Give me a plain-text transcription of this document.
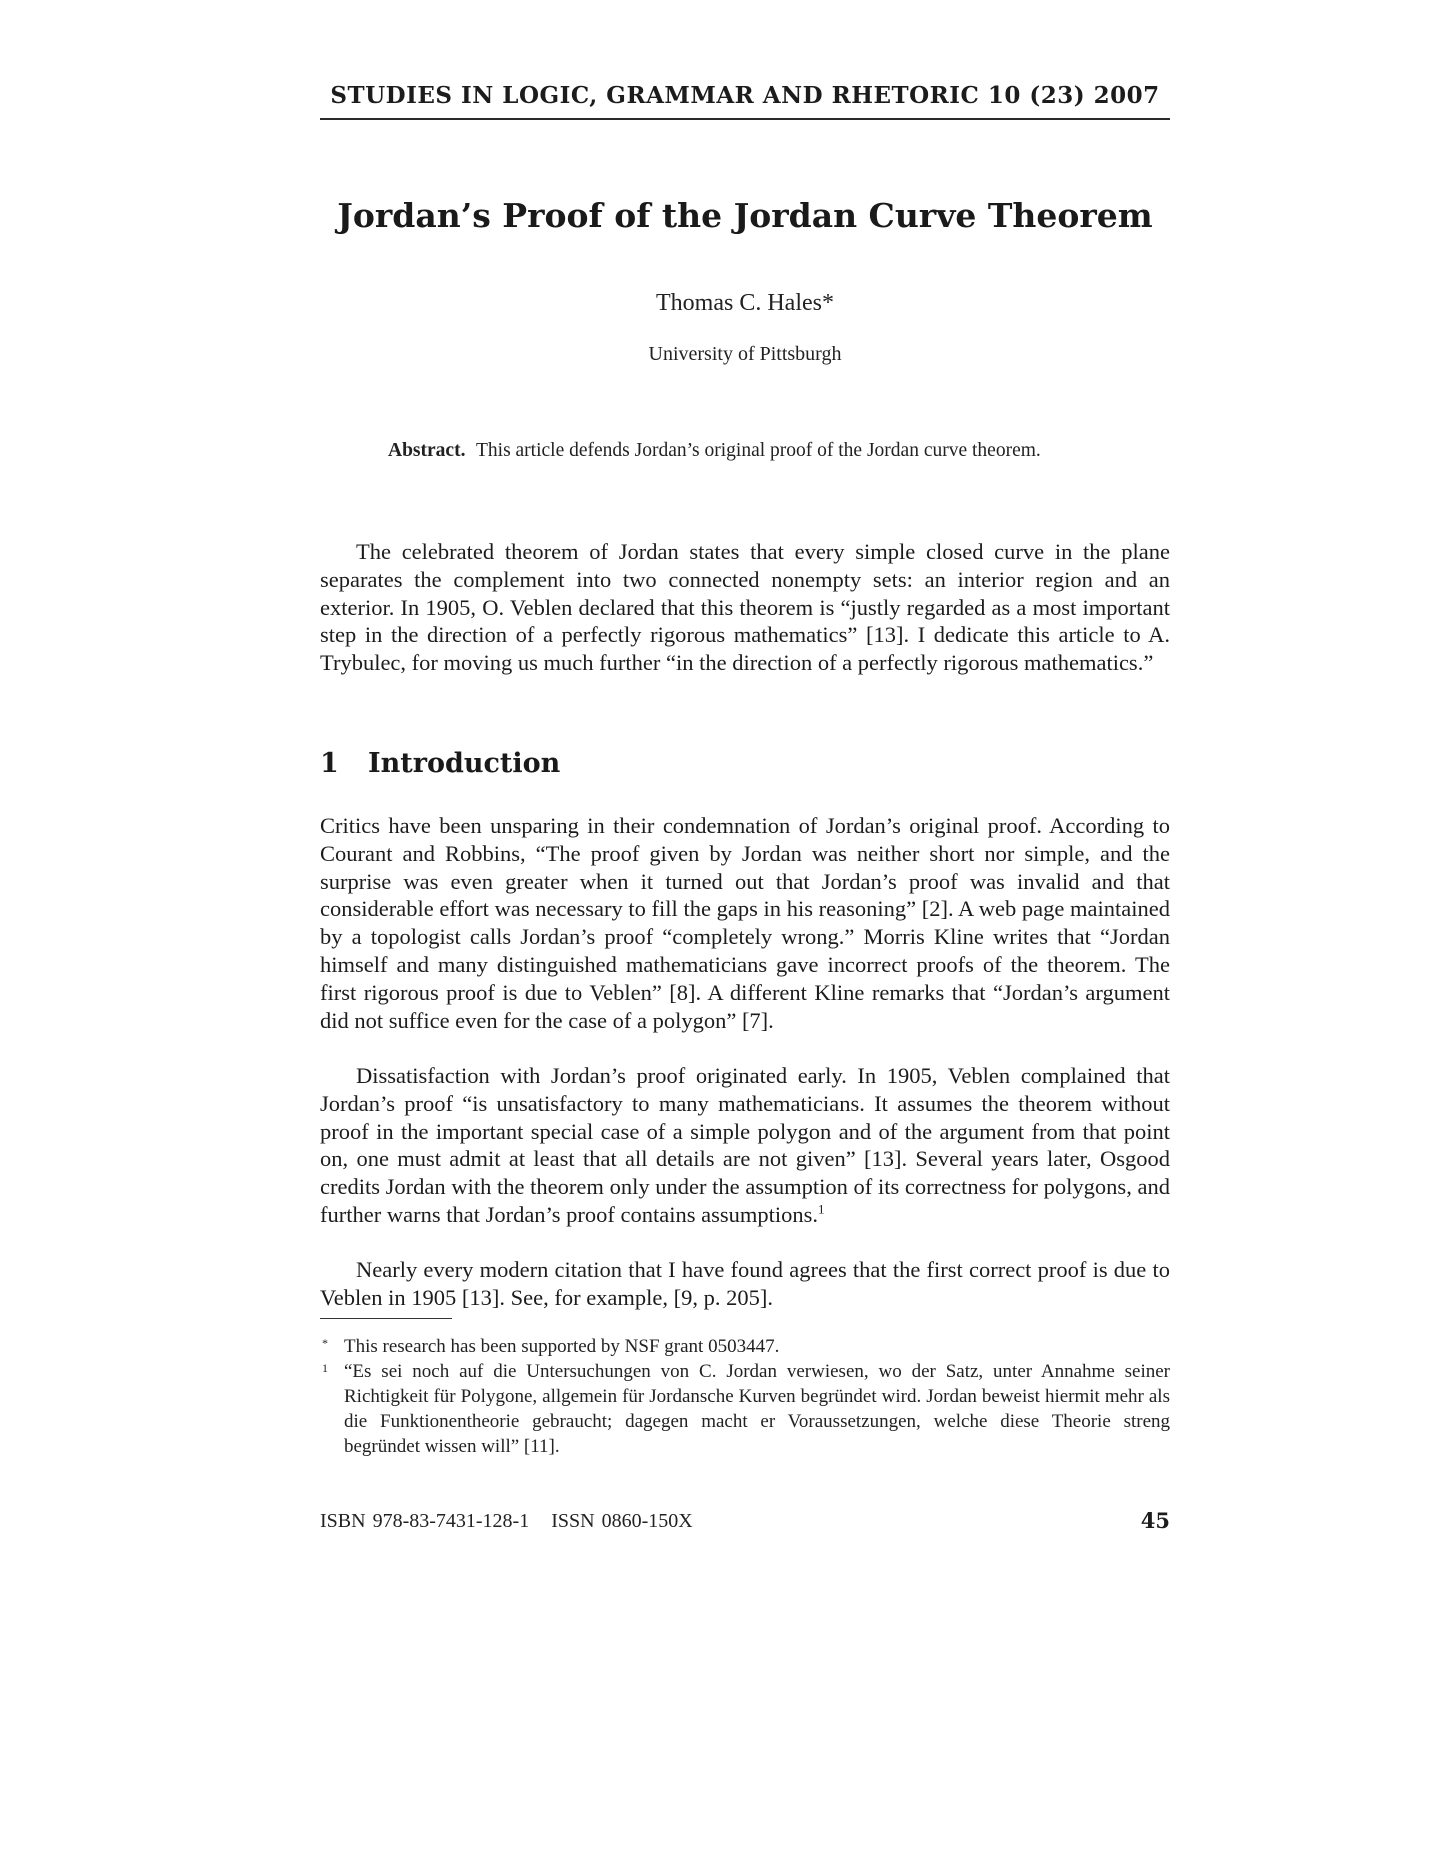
STUDIES IN LOGIC, GRAMMAR AND RHETORIC 10 (23) 2007
Jordan’s Proof of the Jordan Curve Theorem
Thomas C. Hales*
University of Pittsburgh
Abstract. This article defends Jordan’s original proof of the Jordan curve theorem.

The celebrated theorem of Jordan states that every simple closed curve in the plane separates the complement into two connected nonempty sets: an interior region and an exterior. In 1905, O. Veblen declared that this theorem is “justly regarded as a most important step in the direction of a perfectly rigorous mathematics” [13]. I dedicate this article to A. Trybulec, for moving us much further “in the direction of a perfectly rigorous mathematics.”

1 Introduction

Critics have been unsparing in their condemnation of Jordan’s original proof. According to Courant and Robbins, “The proof given by Jordan was neither short nor simple, and the surprise was even greater when it turned out that Jordan’s proof was invalid and that considerable effort was necessary to fill the gaps in his reasoning” [2]. A web page maintained by a topologist calls Jordan’s proof “completely wrong.” Morris Kline writes that “Jordan himself and many distinguished mathematicians gave incorrect proofs of the theorem. The first rigorous proof is due to Veblen” [8]. A different Kline remarks that “Jordan’s argument did not suffice even for the case of a polygon” [7].

Dissatisfaction with Jordan’s proof originated early. In 1905, Veblen complained that Jordan’s proof “is unsatisfactory to many mathematicians. It assumes the theorem without proof in the important special case of a simple polygon and of the argument from that point on, one must admit at least that all details are not given” [13]. Several years later, Osgood credits Jordan with the theorem only under the assumption of its correctness for polygons, and further warns that Jordan’s proof contains assumptions.$^1$

Nearly every modern citation that I have found agrees that the first correct proof is due to Veblen in 1905 [13]. See, for example, [9, p. 205].

* This research has been supported by NSF grant 0503447.
1 “Es sei noch auf die Untersuchungen von C. Jordan verwiesen, wo der Satz, unter Annahme seiner Richtigkeit für Polygone, allgemein für Jordansche Kurven begründet wird. Jordan beweist hiermit mehr als die Funktionentheorie gebraucht; dagegen macht er Voraussetzungen, welche diese Theorie streng begründet wissen will” [11].
ISBN 978-83-7431-128-1 ISSN 0860-150X	45
